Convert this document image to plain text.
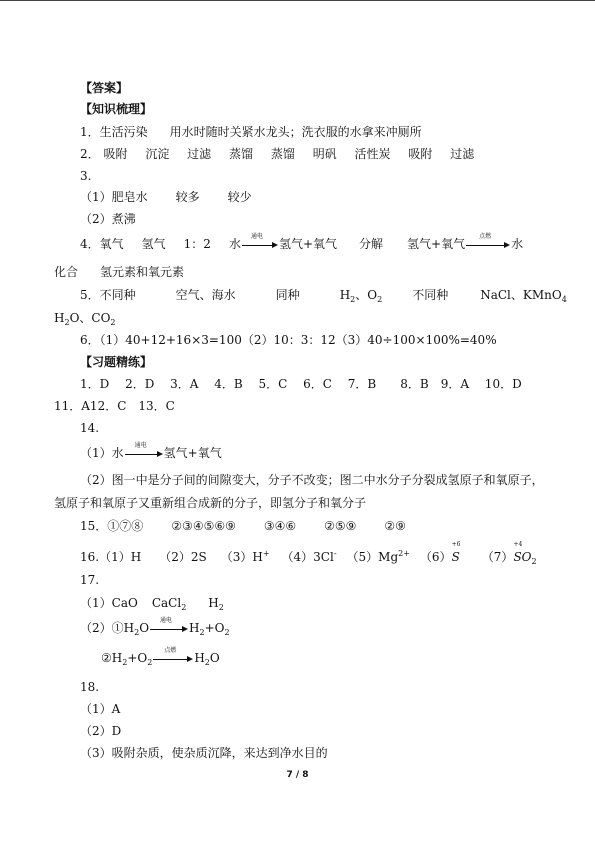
【答案】
【知识梳理】
1．生活污染 用水时随时关紧水龙头；洗衣服的水拿来冲厕所
2． 吸附 沉淀 过滤 蒸馏 蒸馏 明矾 活性炭 吸附 过滤
3.
（1）肥皂水 较多 较少
（2）煮沸
4．氧气 氢气 1：2 水
通电
氢气+氧气 分解 氢气+氧气
点燃
水
化合 氢元素和氧元素
5．不同种	空气、海水	同种	$H_2$、$O_2$	不同种	NaCl、KMnO$_4$
$H_2O$、$CO_2$
6．（1）40+12+16×3=100（2）10：3：12（3）40÷100×100%=40%
【习题精练】
1．D　 2．D　 3．A　 4．B　 5．C　 6．C　 7．B　　8．B　9．A　 10．D
11．A12．C　13．C
14.
（1）水
通电
氢气+氧气
（2）图一中是分子间的间隙变大，分子不改变；图二中水分子分裂成氢原子和氧原子，
氢原子和氧原子又重新组合成新的分子，即氢分子和氧分子
15．①⑦⑧ ②③④⑤⑥⑨ ③④⑥ ②⑤⑨ ②⑨
16.（1）H （2）2S （3）H+ （4）3Cl- $(5)Mg^{2+}$ （6）
+6
S （7）
+4
$SO_2$
17.
（1）CaO CaCl$_2$ $H_2$
$(2)①H_2O$
通电
$H_2+O_2$
$②H_2+O_2$
点燃
$H_2O$
18.
（1）A
（2）D
（3）吸附杂质，使杂质沉降，来达到净水目的
7 / 8
